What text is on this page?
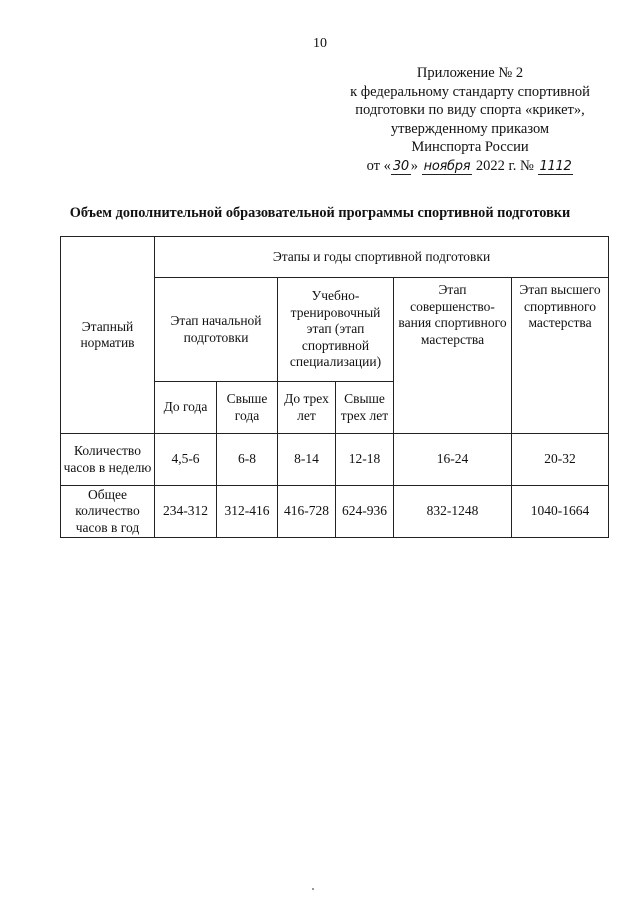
10
Приложение № 2
к федеральному стандарту спортивной
подготовки по виду спорта «крикет»,
утвержденному приказом
Минспорта России
от « 30 » ноября 2022 г. № 1112
Объем дополнительной образовательной программы спортивной подготовки
Этапный норматив	Этапы и годы спортивной подготовки					
	Этап начальной подготовки		Учебно-тренировочный этап (этап спортивной специализации)		Этап совершенство-вания спортивного мастерства	Этап высшего спортивного мастерства
	До года	Свыше года	До трех лет	Свыше трех лет		
Количество часов в неделю	4,5-6	6-8	8-14	12-18	16-24	20-32
Общее количество часов в год	234-312	312-416	416-728	624-936	832-1248	1040-1664
